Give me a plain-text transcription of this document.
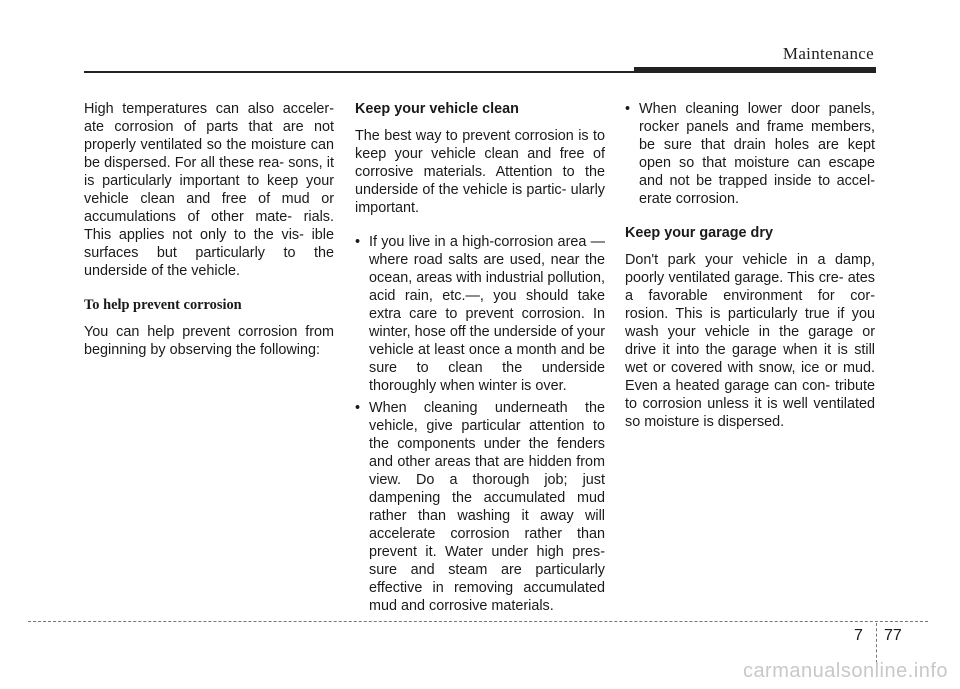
Maintenance

High temperatures can also acceler- ate corrosion of parts that are not properly ventilated so the moisture can be dispersed. For all these rea- sons, it is particularly important to keep your vehicle clean and free of mud or accumulations of other mate- rials. This applies not only to the vis- ible surfaces but particularly to the underside of the vehicle.

To help prevent corrosion

You can help prevent corrosion from beginning by observing the following:

Keep your vehicle clean

The best way to prevent corrosion is to keep your vehicle clean and free of corrosive materials. Attention to the underside of the vehicle is partic- ularly important.

• If you live in a high-corrosion area — where road salts are used, near the ocean, areas with industrial pollution, acid rain, etc.—, you should take extra care to prevent corrosion. In winter, hose off the underside of your vehicle at least once a month and be sure to clean the underside thoroughly when winter is over.
• When cleaning underneath the vehicle, give particular attention to the components under the fenders and other areas that are hidden from view. Do a thorough job; just dampening the accumulated mud rather than washing it away will accelerate corrosion rather than prevent it. Water under high pres- sure and steam are particularly effective in removing accumulated mud and corrosive materials.
• When cleaning lower door panels, rocker panels and frame members, be sure that drain holes are kept open so that moisture can escape and not be trapped inside to accel- erate corrosion.
Keep your garage dry

Don't park your vehicle in a damp, poorly ventilated garage. This cre- ates a favorable environment for cor- rosion. This is particularly true if you wash your vehicle in the garage or drive it into the garage when it is still wet or covered with snow, ice or mud. Even a heated garage can con- tribute to corrosion unless it is well ventilated so moisture is dispersed.

7 77
carmanualsonline.info
